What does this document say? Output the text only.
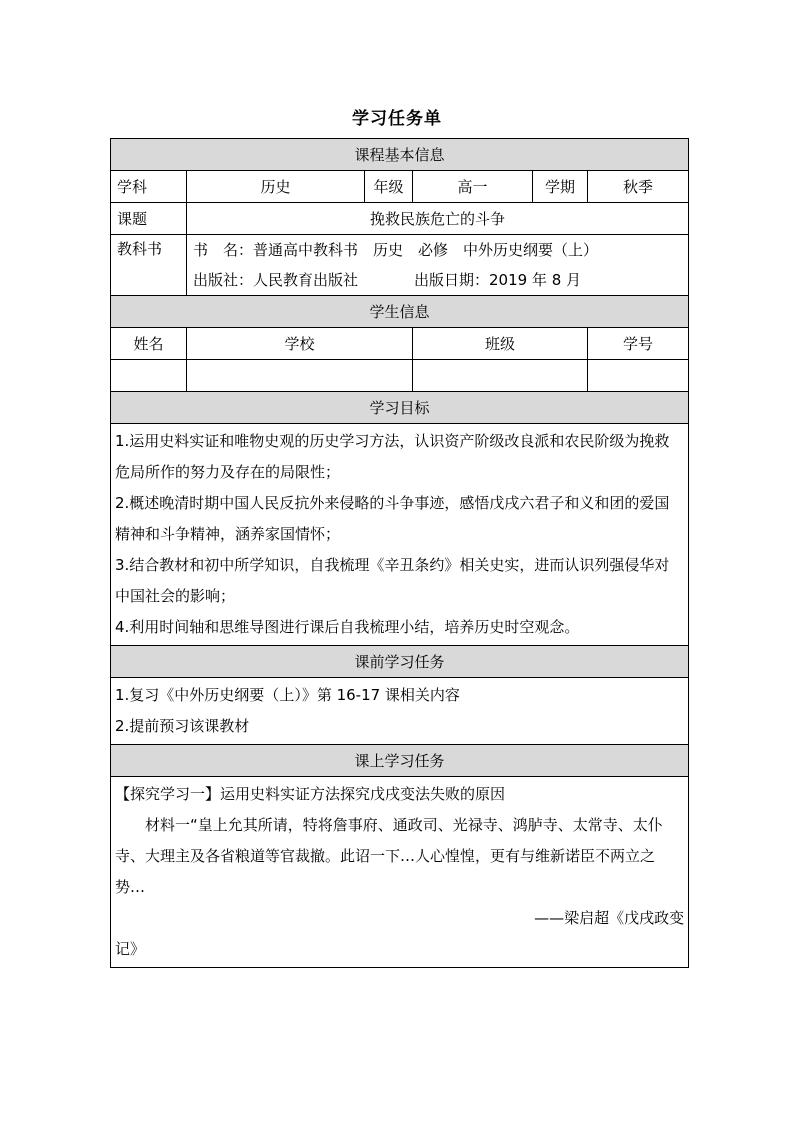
学习任务单
课程基本信息					
学科	历史	年级	高一	学期	秋季
课题	挽救民族危亡的斗争				
教科书	书　名：普通高中教科书　历史　必修　中外历史纲要（上）
出版社：人民教育出版社 出版日期：2019 年 8 月				

学生信息					
姓名	学校		班级		学号

学习目标					

1.运用史料实证和唯物史观的历史学习方法，认识资产阶级改良派和农民阶级为挽救危局所作的努力及存在的局限性；

2.概述晚清时期中国人民反抗外来侵略的斗争事迹，感悟戊戌六君子和义和团的爱国精神和斗争精神，涵养家国情怀；

3.结合教材和初中所学知识，自我梳理《辛丑条约》相关史实，进而认识列强侵华对中国社会的影响；

4.利用时间轴和思维导图进行课后自我梳理小结，培养历史时空观念。					

课前学习任务					

1.复习《中外历史纲要（上）》第 16-17 课相关内容

2.提前预习该课教材					

课上学习任务					

【探究学习一】运用史料实证方法探究戊戌变法失败的原因

材料一“皇上允其所请，特将詹事府、通政司、光禄寺、鸿胪寺、太常寺、太仆寺、大理主及各省粮道等官裁撤。此诏一下…人心惶惶，更有与维新诺臣不两立之势…

——梁启超《戊戌政变

记》					
